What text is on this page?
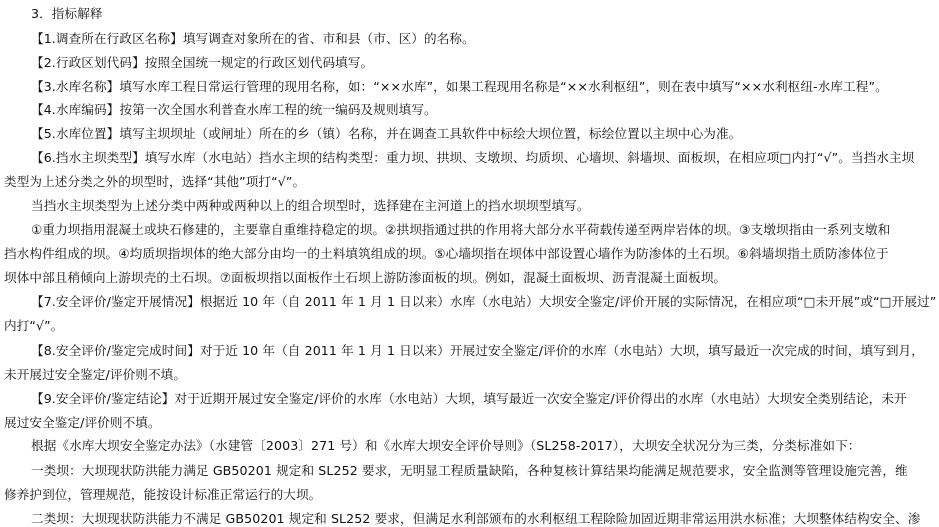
3．指标解释
【1.调查所在行政区名称】填写调查对象所在的省、市和县（市、区）的名称。
【2.行政区划代码】按照全国统一规定的行政区划代码填写。
【3.水库名称】填写水库工程日常运行管理的现用名称，如：“××水库”，如果工程现用名称是“××水利枢纽”，则在表中填写“××水利枢纽-水库工程”。
【4.水库编码】按第一次全国水利普查水库工程的统一编码及规则填写。
【5.水库位置】填写主坝坝址（或闸址）所在的乡（镇）名称，并在调查工具软件中标绘大坝位置，标绘位置以主坝中心为准。
【6.挡水主坝类型】填写水库（水电站）挡水主坝的结构类型：重力坝、拱坝、支墩坝、均质坝、心墙坝、斜墙坝、面板坝，在相应项□内打“√”。当挡水主坝
类型为上述分类之外的坝型时，选择“其他”项打“√”。
当挡水主坝类型为上述分类中两种或两种以上的组合坝型时，选择建在主河道上的挡水坝坝型填写。
①重力坝指用混凝土或块石修建的，主要靠自重维持稳定的坝。②拱坝指通过拱的作用将大部分水平荷载传递至两岸岩体的坝。③支墩坝指由一系列支墩和
挡水构件组成的坝。④均质坝指坝体的绝大部分由均一的土料填筑组成的坝。⑤心墙坝指在坝体中部设置心墙作为防渗体的土石坝。⑥斜墙坝指土质防渗体位于
坝体中部且稍倾向上游坝壳的土石坝。⑦面板坝指以面板作土石坝上游防渗面板的坝。例如，混凝土面板坝、沥青混凝土面板坝。
【7.安全评价/鉴定开展情况】根据近 10 年（自 2011 年 1 月 1 日以来）水库（水电站）大坝安全鉴定/评价开展的实际情况，在相应项“□未开展”或“□开展过”
内打“√”。
【8.安全评价/鉴定完成时间】对于近 10 年（自 2011 年 1 月 1 日以来）开展过安全鉴定/评价的水库（水电站）大坝，填写最近一次完成的时间，填写到月，
未开展过安全鉴定/评价则不填。
【9.安全评价/鉴定结论】对于近期开展过安全鉴定/评价的水库（水电站）大坝，填写最近一次安全鉴定/评价得出的水库（水电站）大坝安全类别结论，未开
展过安全鉴定/评价则不填。
根据《水库大坝安全鉴定办法》（水建管〔2003〕271 号）和《水库大坝安全评价导则》（SL258-2017），大坝安全状况分为三类，分类标准如下：
一类坝：大坝现状防洪能力满足 GB50201 规定和 SL252 要求，无明显工程质量缺陷，各种复核计算结果均能满足规范要求，安全监测等管理设施完善，维
修养护到位，管理规范，能按设计标准正常运行的大坝。
二类坝：大坝现状防洪能力不满足 GB50201 规定和 SL252 要求，但满足水利部颁布的水利枢纽工程除险加固近期非常运用洪水标准；大坝整体结构安全、渗
